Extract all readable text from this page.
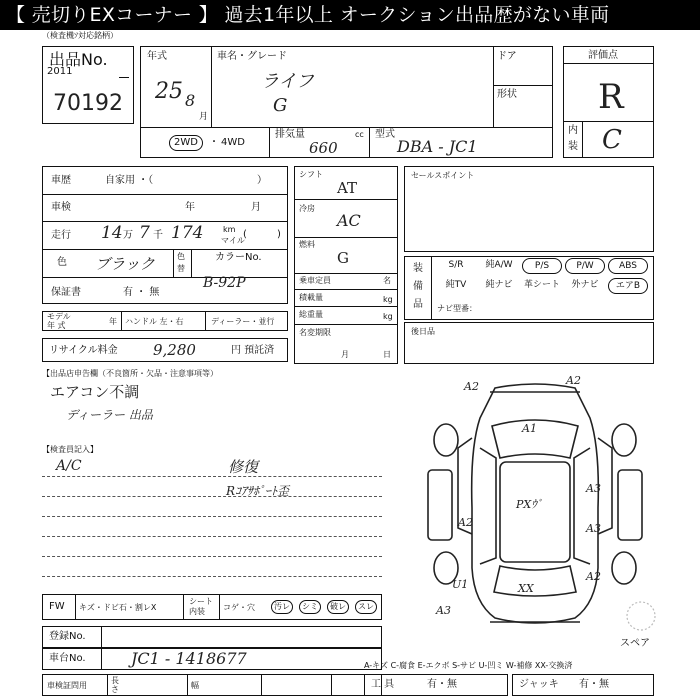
【 売切りEXコーナー 】 過去1年以上 オークション出品歴がない車両
（検査機ｿ対応銘柄）
出品No.
2011
70192
年式
25 8
月
車名・グレード
ライフ
G
ドア
形状
2WD	・ 4WD
排気量	cc
660
型式
DBA - JC1
評価点
R
内
装 C
車歴	自家用 ・（	）
車検	年	月
走行 14 万 7 千 174 km
マイル
(	)
色 ブラック	色
替
カラーNo.
B-92P
保証書	有 ・ 無
モデル
年 式	年 ハンドル 左・右	ディーラー・並行
リサイクル料金 9,280	円 預託済
シフト
AT
冷房
AC
燃料
G
乗車定員	名
積載量	kg
総重量	kg
名変期限
月	日
セールスポイント
装
備
品 ナビ型番：
後日品
【出品店申告欄（不良箇所・欠品・注意事項等）
エアコン不調
ディーラー 出品
【検査員記入】
A/C	修復
Rｺｱｻﾎﾟｰﾄ歪
FW キズ・ドビ石・割レX
シート内装	コゲ・穴	汚レ	シミ	破レ	スレ
登録No.
車台No.	JC1 - 1418677	A-キズ C-腐食 E-エクボ S-サビ U-凹ミ W-補修 XX-交換済
車検証問用
長さ	幅	工 具	有・無	ジャッキ 有・無
A2	A2
A1
PXｳﾞ
A3
A3
A2
U1
A3
A2
XX
スペア
S/R	純A/W	P/S	P/W	ABS
純TV	純ナビ	革シート	外ナビ	エアB
